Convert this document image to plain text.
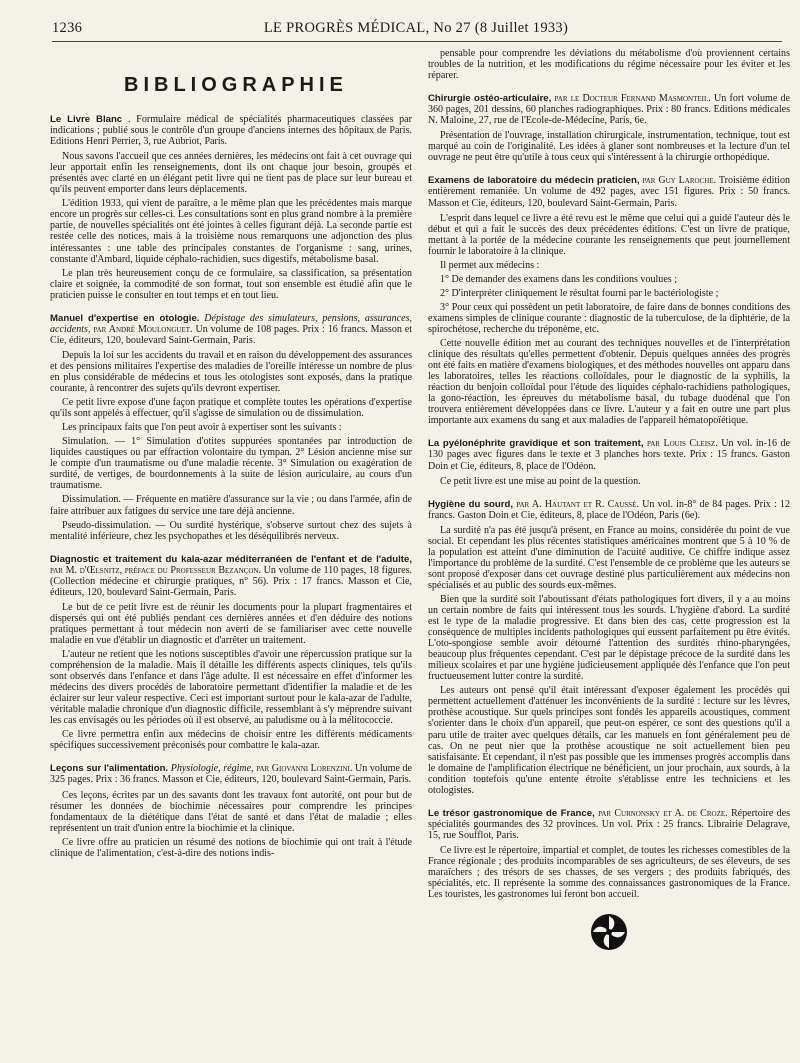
1236	LE PROGRÈS MÉDICAL, No 27 (8 Juillet 1933)
BIBLIOGRAPHIE

Le Livre Blanc . Formulaire médical de spécialités pharmaceutiques classées par indications ; publié sous le contrôle d'un groupe d'anciens internes des hôpitaux de Paris. Editions Henri Perrier, 3, rue Aubriot, Paris.

Nous savons l'accueil que ces années dernières, les médecins ont fait à cet ouvrage qui leur apportait enfin les renseignements, dont ils ont chaque jour besoin, groupés et présentés avec clarté en un élégant petit livre qui ne tient pas de place sur leur bureau et qu'ils peuvent emporter dans leurs déplacements.

L'édition 1933, qui vient de paraître, a le même plan que les précédentes mais marque encore un progrès sur celles-ci. Les consultations sont en plus grand nombre à la première partie, de nouvelles spécialités ont été jointes à celles figurant déjà. La seconde partie est restée celle des notices, mais à la troisième nous remarquons une adjonction des plus intéressantes : une table des principales constantes de l'organisme : sang, urines, constante d'Ambard, liquide céphalo-rachidien, sucs digestifs, métabolisme basal.

Le plan très heureusement conçu de ce formulaire, sa classification, sa présentation claire et soignée, la commodité de son format, tout son ensemble est étudié afin que le praticien puisse le consulter en tout temps et en tout lieu.

Manuel d'expertise en otologie. Dépistage des simulateurs, pensions, assurances, accidents, par André Moulonguet. Un volume de 108 pages. Prix : 16 francs. Masson et Cie, éditeurs, 120, boulevard Saint-Germain, Paris.

Depuis la loi sur les accidents du travail et en raison du développement des assurances et des pensions militaires l'expertise des maladies de l'oreille intéresse un nombre de plus en plus considérable de médecins et tous les otologistes sont exposés, dans la pratique courante, à rencontrer des sujets qu'ils devront expertiser.

Ce petit livre expose d'une façon pratique et complète toutes les opérations d'expertise qu'ils sont appelés à effectuer, qu'il s'agisse de simulation ou de dissimulation.

Les principaux faits que l'on peut avoir à expertiser sont les suivants :

Simulation. — 1° Simulation d'otites suppurées spontanées par introduction de liquides caustiques ou par effraction volontaire du tympan. 2° Lésion ancienne mise sur le compte d'un traumatisme ou d'une maladie récente. 3° Simulation ou exagération de surdité, de vertiges, de bourdonnements à la suite de lésion auriculaire, au cours d'un traumatisme.

Dissimulation. — Fréquente en matière d'assurance sur la vie ; ou dans l'armée, afin de faire attribuer aux fatigues du service une tare déjà ancienne.

Pseudo-dissimulation. — Ou surdité hystérique, s'observe surtout chez des sujets à mentalité inférieure, chez les psychopathes et les déséquilibrés nerveux.

Diagnostic et traitement du kala-azar méditerranéen de l'enfant et de l'adulte, par M. d'Œlsnitz, préface du Professeur Bezançon. Un volume de 110 pages, 18 figures. (Collection médecine et chirurgie pratiques, n° 56). Prix : 17 francs. Masson et Cie, éditeurs, 120, boulevard Saint-Germain, Paris.

Le but de ce petit livre est de réunir les documents pour la plupart fragmentaires et dispersés qui ont été publiés pendant ces dernières années et d'en déduire des notions pratiques permettant à tout médecin non averti de se familiariser avec cette nouvelle maladie en vue d'établir un diagnostic et d'arrêter un traitement.

L'auteur ne retient que les notions susceptibles d'avoir une répercussion pratique sur la compréhension de la maladie. Mais il détaille les différents aspects cliniques, tels qu'ils sont observés dans l'enfance et dans l'âge adulte. Il est nécessaire en effet d'informer les médecins des divers procédés de laboratoire permettant d'identifier la maladie et de les éclairer sur leur valeur respective. Ceci est important surtout pour le kala-azar de l'adulte, véritable maladie chronique d'un diagnostic difficile, ressemblant à s'y méprendre suivant les cas envisagés ou les périodes où il est observé, au paludisme ou à la mélitococcie.

Ce livre permettra enfin aux médecins de choisir entre les différents médicaments spécifiques successivement préconisés pour combattre le kala-azar.

Leçons sur l'alimentation. Physiologie, régime, par Giovanni Lorenzini. Un volume de 325 pages. Prix : 36 francs. Masson et Cie, éditeurs, 120, boulevard Saint-Germain, Paris.

Ces leçons, écrites par un des savants dont les travaux font autorité, ont pour but de résumer les données de biochimie nécessaires pour comprendre les principes fondamentaux de la diététique dans l'état de santé et dans l'état de maladie ; elles représentent un trait d'union entre la biochimie et la clinique.

Ce livre offre au praticien un résumé des notions de biochimie qui ont trait à l'étude clinique de l'alimentation, c'est-à-dire des notions indis-

pensable pour comprendre les déviations du métabolisme d'où proviennent certains troubles de la nutrition, et les modifications du régime nécessaire pour les éviter et les réparer.

Chirurgie ostéo-articulaire, par le Docteur Fernand Masmonteil. Un fort volume de 360 pages, 201 dessins, 60 planches radiographiques. Prix : 80 francs. Editions médicales N. Maloine, 27, rue de l'Ecole-de-Médecine, Paris, 6e.

Présentation de l'ouvrage, installation chirurgicale, instrumentation, technique, tout est marqué au coin de l'originalité. Les idées à glaner sont nombreuses et la lecture d'un tel ouvrage ne peut être qu'utile à tous ceux qui s'intéressent à la chirurgie orthopédique.

Examens de laboratoire du médecin praticien, par Guy Laroche. Troisième édition entièrement remaniée. Un volume de 492 pages, avec 151 figures. Prix : 50 francs. Masson et Cie, éditeurs, 120, boulevard Saint-Germain, Paris.

L'esprit dans lequel ce livre a été revu est le même que celui qui a guidé l'auteur dès le début et qui a fait le succès des deux précédentes éditions. C'est un livre de pratique, mettant à la portée de la médecine courante les renseignements que peut journellement fournir le laboratoire à la clinique.

Il permet aux médecins :

1° De demander des examens dans les conditions voulues ;

2° D'interpréter cliniquement le résultat fourni par le bactériologiste ;

3° Pour ceux qui possèdent un petit laboratoire, de faire dans de bonnes conditions des examens simples de clinique courante : diagnostic de la tuberculose, de la diphtérie, de la spirochétose, recherche du tréponème, etc.

Cette nouvelle édition met au courant des techniques nouvelles et de l'interprétation clinique des résultats qu'elles permettent d'obtenir. Depuis quelques années des progrès ont été faits en matière d'examens biologiques, et des méthodes nouvelles ont apparu dans les laboratoires, telles les réactions colloïdales, pour le diagnostic de la syphilis, la réaction du benjoin colloïdal pour l'étude des liquides céphalo-rachidiens pathologiques, la gono-réaction, les épreuves du métabolisme basal, du tubage duodénal que l'on trouvera entièrement développées dans ce livre. L'auteur y a fait en outre une part plus importante aux examens du sang et aux maladies de l'appareil hématopoïétique.

La pyélonéphrite gravidique et son traitement, par Louis Cleisz. Un vol. in-16 de 130 pages avec figures dans le texte et 3 planches hors texte. Prix : 15 francs. Gaston Doin et Cie, éditeurs, 8, place de l'Odéon.

Ce petit livre est une mise au point de la question.

Hygiène du sourd, par A. Hautant et R. Caussé. Un vol. in-8° de 84 pages. Prix : 12 francs. Gaston Doin et Cie, éditeurs, 8, place de l'Odéon, Paris (6e).

La surdité n'a pas été jusqu'à présent, en France au moins, considérée du point de vue social. Et cependant les plus récentes statistiques américaines montrent que 5 à 10 % de la population est atteint d'une diminution de l'acuité auditive. Ce chiffre indique assez l'importance du problème de la surdité. C'est l'ensemble de ce problème que les auteurs se sont proposé d'exposer dans cet ouvrage destiné plus particulièrement aux médecins non spécialisés et au public des sourds eux-mêmes.

Bien que la surdité soit l'aboutissant d'états pathologiques fort divers, il y a au moins un certain nombre de faits qui intéressent tous les sourds. L'hygiène d'abord. La surdité est le type de la maladie progressive. Et dans bien des cas, cette progression est la conséquence de multiples incidents pathologiques qui eussent parfaitement pu être évités. L'oto-spongiose semble avoir détourné l'attention des surdités rhino-pharyngées, beaucoup plus fréquentes cependant. C'est par le dépistage précoce de la surdité dans les milieux scolaires et par une hygiène judicieusement appliquée dès l'enfance que l'on peut fructueusement lutter contre la surdité.

Les auteurs ont pensé qu'il était intéressant d'exposer également les procédés qui permettent actuellement d'atténuer les inconvénients de la surdité : lecture sur les lèvres, prothèse acoustique. Sur quels principes sont fondés les appareils acoustiques, comment s'orienter dans le choix d'un appareil, que peut-on espérer, ce sont des questions qu'il a paru utile de traiter avec quelques détails, car les manuels en font généralement peu de cas. On ne peut nier que la prothèse acoustique ne soit actuellement bien peu satisfaisante. Et cependant, il n'est pas possible que les immenses progrès accomplis dans le domaine de l'amplification électrique ne bénéficient, un jour prochain, aux sourds, à la condition toutefois qu'une entente étroite s'établisse entre les techniciens et les otologistes.

Le trésor gastronomique de France, par Curnonsky et A. de Croze. Répertoire des spécialités gourmandes des 32 provinces. Un vol. Prix : 25 francs. Librairie Delagrave, 15, rue Soufflot, Paris.

Ce livre est le répertoire, impartial et complet, de toutes les richesses comestibles de la France régionale ; des produits incomparables de ses agriculteurs, de ses éleveurs, de ses maraîchers ; des trésors de ses chasses, de ses vergers ; des produits fabriqués, des spécialités, etc. Il représente la somme des connaissances gastronomiques de la France. Les touristes, les gastronomes lui feront bon accueil.
